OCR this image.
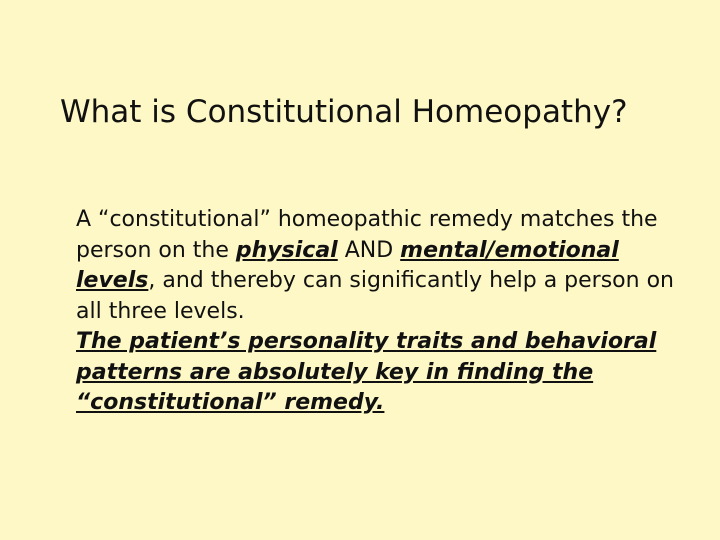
What is Constitutional Homeopathy?

A “constitutional” homeopathic remedy matches the person on the physical AND mental/emotional levels, and thereby can significantly help a person on all three levels.

The patient’s personality traits and behavioral patterns are absolutely key in finding the “constitutional” remedy.
